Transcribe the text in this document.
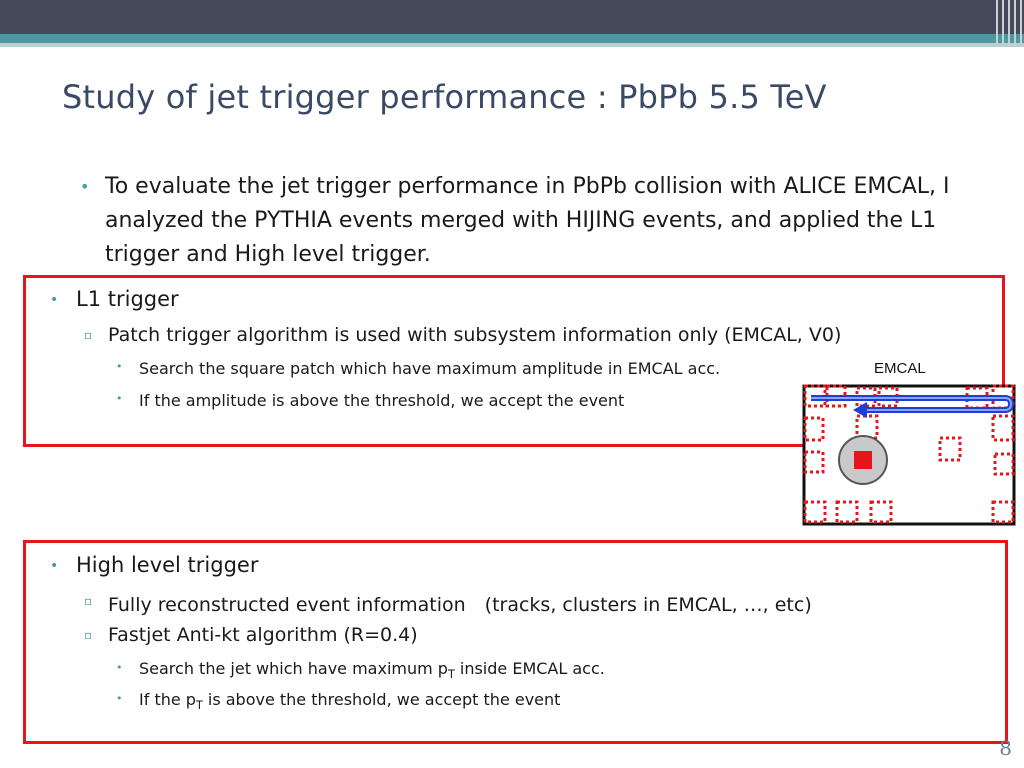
Study of jet trigger performance : PbPb 5.5 TeV
• To evaluate the jet trigger performance in PbPb collision with ALICE EMCAL, I analyzed the PYTHIA events merged with HIJING events, and applied the L1 trigger and High level trigger.
• L1 trigger
▫ Patch trigger algorithm is used with subsystem information only (EMCAL, V0)
• Search the square patch which have maximum amplitude in EMCAL acc.
• If the amplitude is above the threshold, we accept the event
EMCAL
• High level trigger
▫ Fully reconstructed event information　(tracks, clusters in EMCAL, …, etc)
▫ Fastjet Anti-kt algorithm (R=0.4)
• Search the jet which have maximum $p_T$ inside EMCAL acc.
• If the $p_T$ is above the threshold, we accept the event
8
